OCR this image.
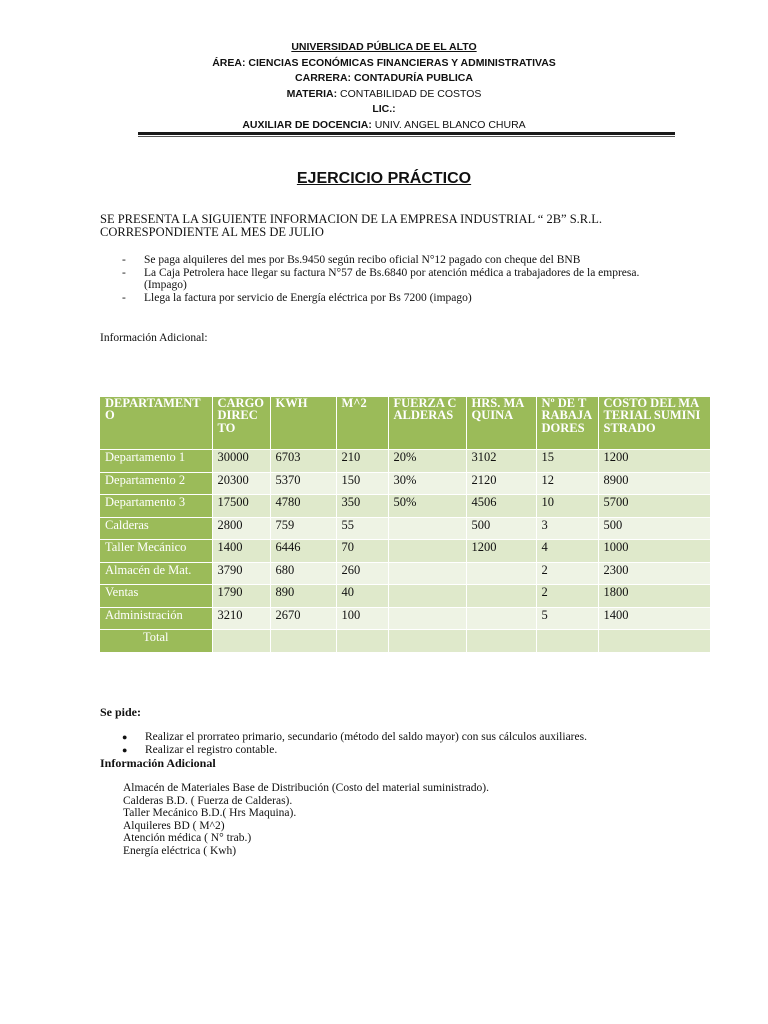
UNIVERSIDAD PÚBLICA DE EL ALTO
ÁREA: CIENCIAS ECONÓMICAS FINANCIERAS Y ADMINISTRATIVAS
CARRERA: CONTADURÍA PUBLICA
MATERIA: CONTABILIDAD DE COSTOS
LIC.:
AUXILIAR DE DOCENCIA: UNIV. ANGEL BLANCO CHURA
EJERCICIO PRÁCTICO
SE PRESENTA LA SIGUIENTE INFORMACION DE LA EMPRESA INDUSTRIAL “ 2B” S.R.L. CORRESPONDIENTE AL MES DE JULIO
- Se paga alquileres del mes por Bs.9450 según recibo oficial N°12 pagado con cheque del BNB
- La Caja Petrolera hace llegar su factura N°57 de Bs.6840 por atención médica a trabajadores de la empresa. (Impago)
- Llega la factura por servicio de Energía eléctrica por Bs 7200 (impago)
Información Adicional:
DEPARTAMENTO	CARGO DIRECTO	KWH	M^2	FUERZA CALDERAS	HRS. MAQUINA	Nº DE TRABAJADORES	COSTO DEL MATERIAL SUMINISTRADO
Departamento 1	30000	6703	210	20%	3102	15	1200
Departamento 2	20300	5370	150	30%	2120	12	8900
Departamento 3	17500	4780	350	50%	4506	10	5700
Calderas	2800	759	55		500	3	500
Taller Mecánico	1400	6446	70		1200	4	1000
Almacén de Mat.	3790	680	260			2	2300
Ventas	1790	890	40			2	1800
Administración	3210	2670	100			5	1400
Total							
Se pide:
● Realizar el prorrateo primario, secundario (método del saldo mayor) con sus cálculos auxiliares.
● Realizar el registro contable.
Información Adicional
Almacén de Materiales Base de Distribución (Costo del material suministrado).
Calderas B.D. ( Fuerza de Calderas).
Taller Mecánico B.D.( Hrs Maquina).
Alquileres BD ( M^2)
Atención médica ( N° trab.)
Energía eléctrica ( Kwh)
